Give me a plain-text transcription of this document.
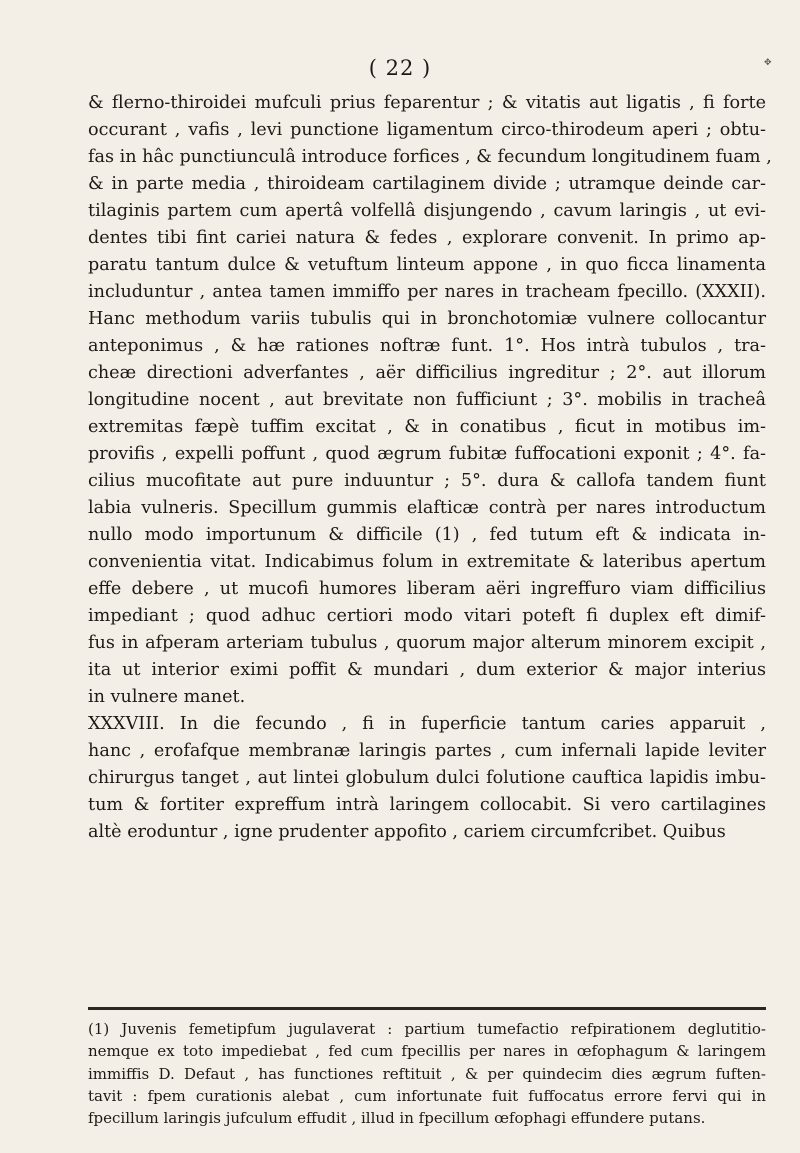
( 22 )	✥
& flerno-thiroidei mufculi prius feparentur ; & vitatis aut ligatis , fi forte
occurant , vafis , levi punctione ligamentum circo-thirodeum aperi ; obtu-
fas in hâc punctiunculâ introduce forfices , & fecundum longitudinem fuam ,
& in parte media , thiroideam cartilaginem divide ; utramque deinde car-
tilaginis partem cum apertâ volfellâ disjungendo , cavum laringis , ut evi-
dentes tibi fint cariei natura & fedes , explorare convenit. In primo ap-
paratu tantum dulce & vetuftum linteum appone , in quo ficca linamenta
includuntur , antea tamen immiffo per nares in tracheam fpecillo. (XXXII).
Hanc methodum variis tubulis qui in bronchotomiæ vulnere collocantur
anteponimus , & hæ rationes noftræ funt. 1°. Hos intrà tubulos , tra-
cheæ directioni adverfantes , aër difficilius ingreditur ; 2°. aut illorum
longitudine nocent , aut brevitate non fufficiunt ; 3°. mobilis in tracheâ
extremitas fæpè tuffim excitat , & in conatibus , ficut in motibus im-
provifis , expelli poffunt , quod ægrum fubitæ fuffocationi exponit ; 4°. fa-
cilius mucofitate aut pure induuntur ; 5°. dura & callofa tandem fiunt
labia vulneris. Specillum gummis elafticæ contrà per nares introductum
nullo modo importunum & difficile (1) , fed tutum eft & indicata in-
convenientia vitat. Indicabimus folum in extremitate & lateribus apertum
effe debere , ut mucofi humores liberam aëri ingreffuro viam difficilius
impediant ; quod adhuc certiori modo vitari poteft fi duplex eft dimif-
fus in afperam arteriam tubulus , quorum major alterum minorem excipit ,
ita ut interior eximi poffit & mundari , dum exterior & major interius
in vulnere manet.
XXXVIII. In die fecundo , fi in fuperficie tantum caries apparuit ,
hanc , erofafque membranæ laringis partes , cum infernali lapide leviter
chirurgus tanget , aut lintei globulum dulci folutione cauftica lapidis imbu-
tum & fortiter expreffum intrà laringem collocabit. Si vero cartilagines
altè eroduntur , igne prudenter appofito , cariem circumfcribet. Quibus
(1) Juvenis femetipfum jugulaverat : partium tumefactio refpirationem deglutitio-
nemque ex toto impediebat , fed cum fpecillis per nares in œfophagum & laringem
immiffis D. Defaut , has functiones reftituit , & per quindecim dies ægrum fuften-
tavit : fpem curationis alebat , cum infortunate fuit fuffocatus errore fervi qui in
fpecillum laringis jufculum effudit , illud in fpecillum œfophagi effundere putans.
